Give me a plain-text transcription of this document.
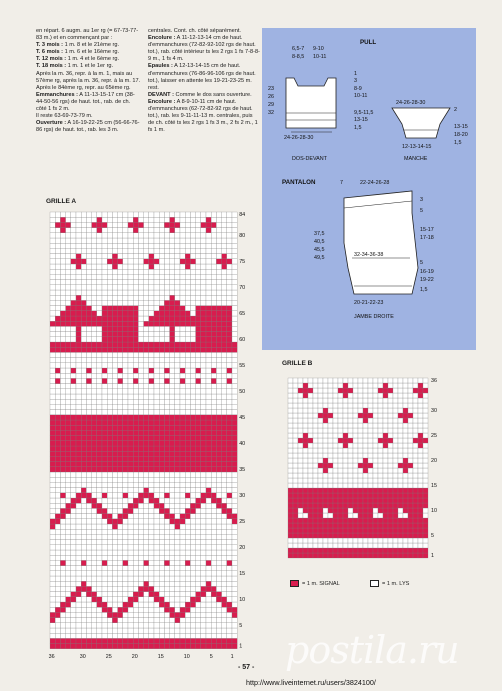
en répart. 6 augm. au 1er rg (= 67-73-77-83 m.) et en commençant par :

T. 3 mois : 1 m. 8 et le 21ème rg.

T. 6 mois : 1 m. 6 et le 16ème rg.

T. 12 mois : 1 m. 4 et le 6ème rg.

T. 18 mois : 1 m. 1 et le 1er rg.

Après la m. 36, repr. à la m. 1, mais au 57ème rg, après la m. 36, repr. à la m. 17. Après le 84ème rg, repr. au 65ème rg.

Emmanchures : A 11-13-15-17 cm (38-44-50-56 rgs) de haut. tot., rab. de ch. côté 1 fs 2 m.

Il reste 63-69-73-79 m.

Ouverture : A 16-19-22-25 cm (56-66-76-86 rgs) de haut. tot., rab. les 3 m.

centrales. Cont. ch. côté séparément.

Encolure : A 11-12-13-14 cm de haut. d'emmanchures (72-82-92-102 rgs de haut. tot.), rab. côté intérieur ts les 2 rgs 1 fs 7-8-8-9 m., 1 fs 4 m.

Epaules : A 12-13-14-15 cm de haut. d'emmanchures (76-86-96-106 rgs de haut. tot.), laisser en attente les 19-21-23-25 m. rest.

DEVANT : Comme le dos sans ouverture.

Encolure : A 8-9-10-11 cm de haut. d'emmanchures (62-72-82-92 rgs de haut. tot.), rab. les 9-11-11-13 m. centrales, puis de ch. côté ts les 2 rgs 1 fs 3 m., 2 fs 2 m., 1 fs 1 m.

PULL
6,5-7 9-10
8-8,5 10-11
23
26
29
32
1
3
8-9
10-11
9,5-11,5
13-15
1,5
24-26-28-30
DOS-DEVANT
24-26-28-30
2
13-15
18-20
1,5
12-13-14-15
MANCHE
PANTALON	7	22-24-26-28
3
5
15-17
17-18
37,5
40,5
45,5
49,5	32-34-36-38
5
16-19
19-22
1,5
20-21-22-23
JAMBE DROITE
GRILLE A
84
80
75
70
65
60
55
50
45
40
35
30
25
20
15
10
5
1
36	30	25	20	15	10	5	1
GRILLE B
36
30
25
20
15
10
5
1
= 1 m. SIGNAL	= 1 m. LYS
- 57 - postila.ru
http://www.liveinternet.ru/users/3824100/
